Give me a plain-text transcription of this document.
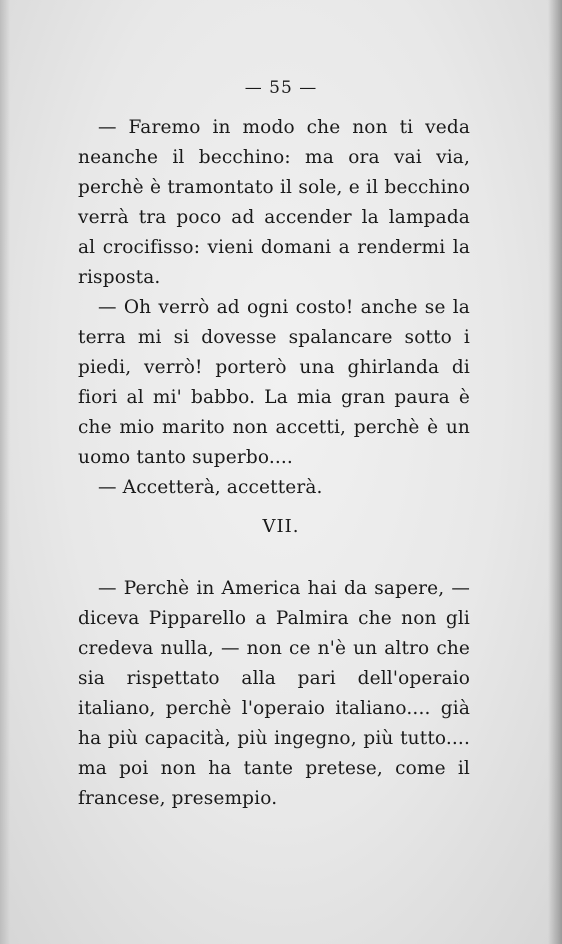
— 55 —

— Faremo in modo che non ti veda neanche il becchino: ma ora vai via, perchè è tramontato il sole, e il becchino verrà tra poco ad accender la lampada al crocifisso: vieni domani a rendermi la risposta.

— Oh verrò ad ogni costo! anche se la terra mi si dovesse spalancare sotto i piedi, verrò! porterò una ghirlanda di fiori al mi' babbo. La mia gran paura è che mio marito non accetti, perchè è un uomo tanto superbo....

— Accetterà, accetterà.

VII.

— Perchè in America hai da sapere, — diceva Pipparello a Palmira che non gli credeva nulla, — non ce n'è un altro che sia rispettato alla pari dell'operaio italiano, perchè l'operaio italiano.... già ha più capacità, più ingegno, più tutto.... ma poi non ha tante pretese, come il francese, presempio.
